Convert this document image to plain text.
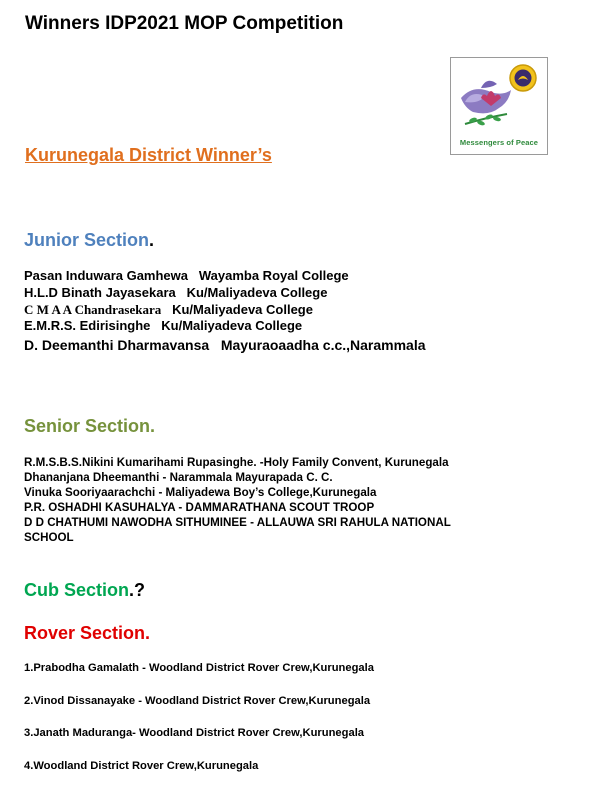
Winners IDP2021 MOP Competition
Messengers of Peace
Kurunegala District Winner’s
Junior Section.
Pasan Induwara Gamhewa Wayamba Royal College
H.L.D Binath Jayasekara Ku/Maliyadeva College
C M A A Chandrasekara Ku/Maliyadeva College
E.M.R.S. Edirisinghe Ku/Maliyadeva College
D. Deemanthi Dharmavansa Mayuraoaadha c.c.,Narammala
Senior Section.
R.M.S.B.S.Nikini Kumarihami Rupasinghe. -Holy Family Convent, Kurunegala
Dhananjana Dheemanthi - Narammala Mayurapada C. C.
Vinuka Sooriyaarachchi - Maliyadewa Boy’s College,Kurunegala
P.R. OSHADHI KASUHALYA - DAMMARATHANA SCOUT TROOP
D D CHATHUMI NAWODHA SITHUMINEE - ALLAUWA SRI RAHULA NATIONAL
SCHOOL
Cub Section.?
Rover Section.
1.Prabodha Gamalath - Woodland District Rover Crew,Kurunegala
2.Vinod Dissanayake - Woodland District Rover Crew,Kurunegala
3.Janath Maduranga- Woodland District Rover Crew,Kurunegala
4.Woodland District Rover Crew,Kurunegala
